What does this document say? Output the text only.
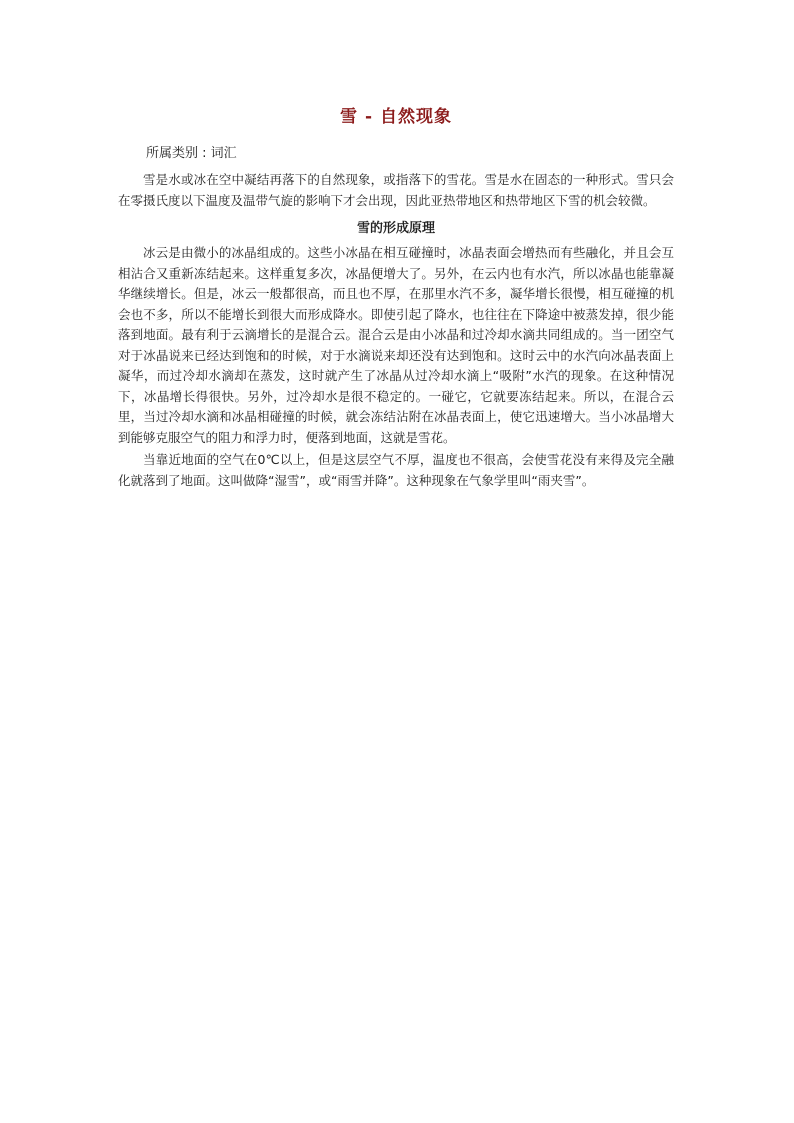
雪 - 自然现象
所属类别 : 词汇

雪是水或冰在空中凝结再落下的自然现象，或指落下的雪花。雪是水在固态的一种形式。雪只会在零摄氏度以下温度及温带气旋的影响下才会出现，因此亚热带地区和热带地区下雪的机会较微。

雪的形成原理

冰云是由微小的冰晶组成的。这些小冰晶在相互碰撞时，冰晶表面会增热而有些融化，并且会互相沾合又重新冻结起来。这样重复多次，冰晶便增大了。另外，在云内也有水汽，所以冰晶也能靠凝华继续增长。但是，冰云一般都很高，而且也不厚，在那里水汽不多，凝华增长很慢，相互碰撞的机会也不多，所以不能增长到很大而形成降水。即使引起了降水，也往往在下降途中被蒸发掉，很少能落到地面。最有利于云滴增长的是混合云。混合云是由小冰晶和过冷却水滴共同组成的。当一团空气对于冰晶说来已经达到饱和的时候，对于水滴说来却还没有达到饱和。这时云中的水汽向冰晶表面上凝华，而过冷却水滴却在蒸发，这时就产生了冰晶从过冷却水滴上“吸附”水汽的现象。在这种情况下，冰晶增长得很快。另外，过冷却水是很不稳定的。一碰它，它就要冻结起来。所以，在混合云里，当过冷却水滴和冰晶相碰撞的时候，就会冻结沾附在冰晶表面上，使它迅速增大。当小冰晶增大到能够克服空气的阻力和浮力时，便落到地面，这就是雪花。

当靠近地面的空气在0℃以上，但是这层空气不厚，温度也不很高，会使雪花没有来得及完全融化就落到了地面。这叫做降“湿雪”，或“雨雪并降”。这种现象在气象学里叫“雨夹雪”。
